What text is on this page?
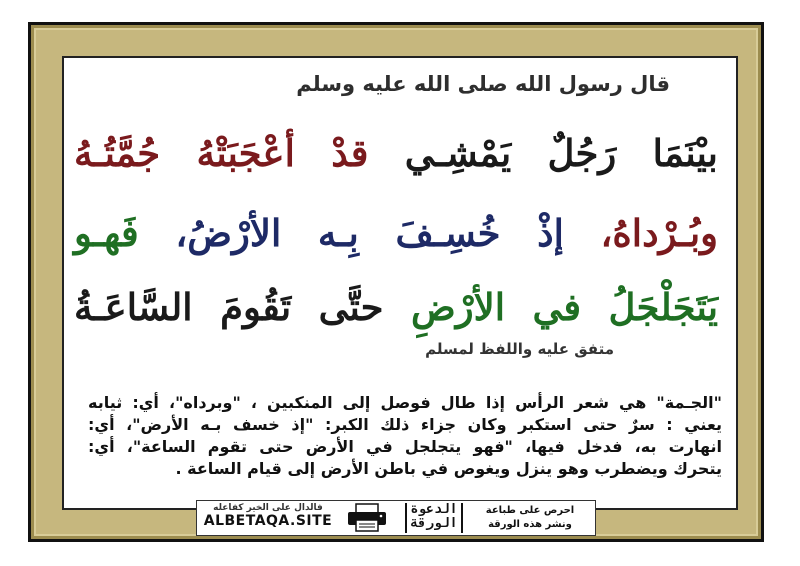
قال رسول الله صلى الله عليه وسلم
بيْنَمَا رَجُلٌ يَمْشِـي قدْ أعْجَبَتْهُ جُمَّتُـهُ
وبُـرْداهُ، إذْ خُسِـفَ بِـه الأرْضُ، فَهـو
يَتَجَلْجَلُ في الأرْضِ حتَّى تَقُومَ السَّاعَـةُ
متفق عليه واللفظ لمسلم
"الجـمة" هي شعر الرأس إذا طال فوصل إلى المنكبين ، "وبرداه"، أي: ثيابه
يعني : سرٌ حتى استكبر وكان جزاء ذلك الكبر: "إذ خسف بـه الأرض"، أي:
انهارت به، فدخل فيها، "فهو يتجلجل في الأرض حتى تقوم الساعة"، أي:
يتحرك ويضطرب وهو ينزل ويغوص في باطن الأرض إلى قيام الساعة .
فالدال على الخير كفاعله
ALBETAQA.SITE
الدعوة الورقة
احرص على طباعة
ونشر هذه الورقة
